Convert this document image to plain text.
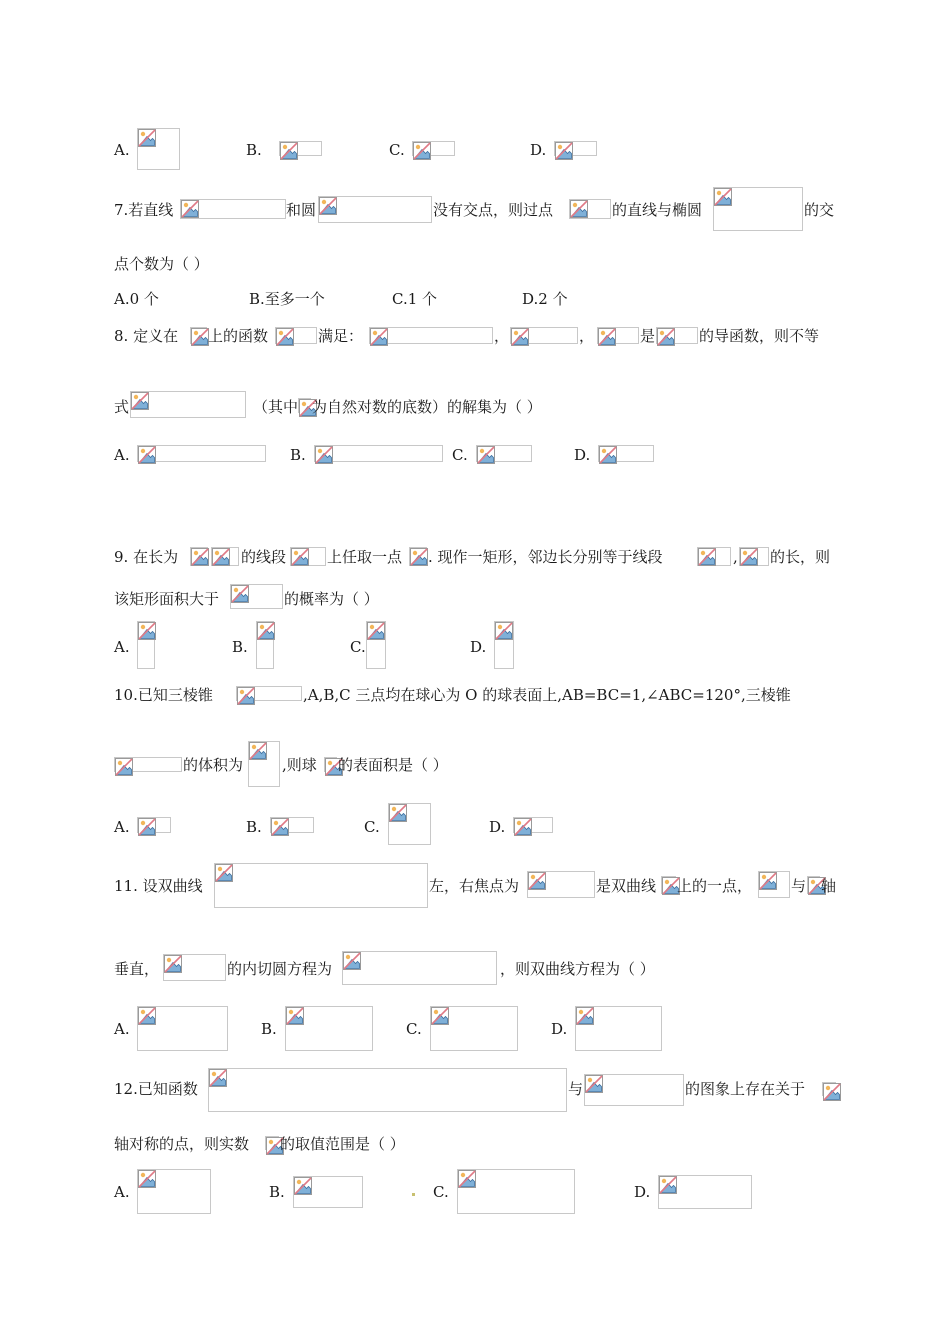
A.	B.	C.	D.
7.若直线	和圆	没有交点，则过点	的直线与椭圆	的交
点个数为（ ）
A.0 个	B.至多一个	C.1 个	D.2 个
8. 定义在 上的函数	满足：	，	，	是	的导函数，则不等
式	（其中 为自然对数的底数）的解集为（ ）
A.	B.	C.	D.
9. 在长为	的线段	上任取一点 . 现作一矩形，邻边长分别等于线段	, 的长，则
该矩形面积大于	的概率为（ ）
A.	B.	C.	D.
10.已知三棱锥	,A,B,C 三点均在球心为 O 的球表面上,AB=BC=1,∠ABC=120°,三棱锥
的体积为	,则球 的表面积是（ ）
A.	B.	C.	D.
11. 设双曲线	左，右焦点为	是双曲线 上的一点，	与 轴
垂直，	的内切圆方程为	，则双曲线方程为（ ）
A.	B.	C.	D.
12.已知函数	与	的图象上存在关于
轴对称的点，则实数 的取值范围是（ ）
A.	B.	C.	D.
